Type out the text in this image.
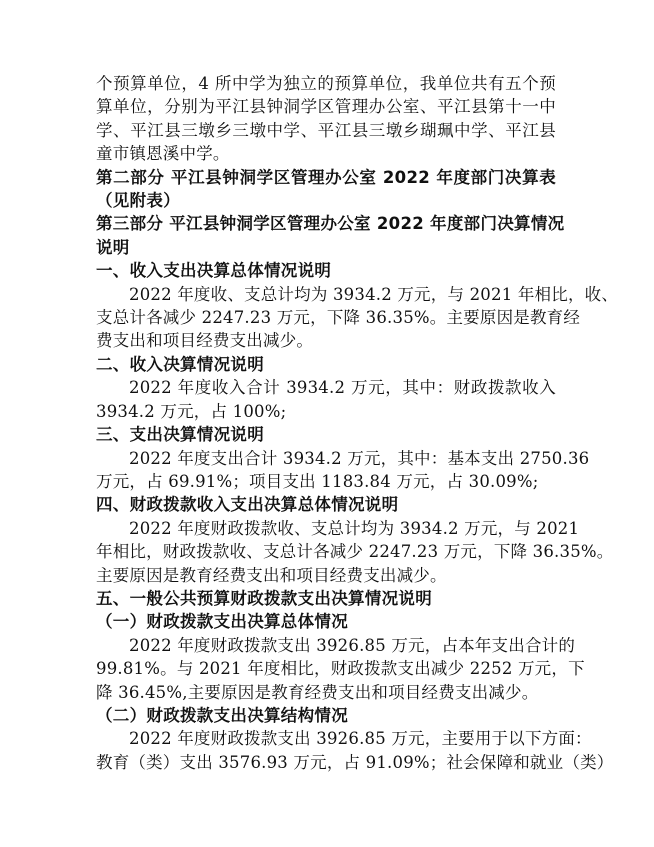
个预算单位，4 所中学为独立的预算单位，我单位共有五个预
算单位，分别为平江县钟洞学区管理办公室、平江县第十一中
学、平江县三墩乡三墩中学、平江县三墩乡瑚珮中学、平江县
童市镇恩溪中学。
第二部分 平江县钟洞学区管理办公室 2022 年度部门决算表
（见附表）
第三部分 平江县钟洞学区管理办公室 2022 年度部门决算情况
说明
一、收入支出决算总体情况说明
2022 年度收、支总计均为 3934.2 万元，与 2021 年相比，收、
支总计各减少 2247.23 万元，下降 36.35%。主要原因是教育经
费支出和项目经费支出减少。
二、收入决算情况说明
2022 年度收入合计 3934.2 万元，其中：财政拨款收入
3934.2 万元，占 100%;
三、支出决算情况说明
2022 年度支出合计 3934.2 万元，其中：基本支出 2750.36
万元，占 69.91%；项目支出 1183.84 万元，占 30.09%;
四、财政拨款收入支出决算总体情况说明
2022 年度财政拨款收、支总计均为 3934.2 万元，与 2021
年相比，财政拨款收、支总计各减少 2247.23 万元，下降 36.35%。
主要原因是教育经费支出和项目经费支出减少。
五、一般公共预算财政拨款支出决算情况说明
（一）财政拨款支出决算总体情况
2022 年度财政拨款支出 3926.85 万元，占本年支出合计的
99.81%。与 2021 年度相比，财政拨款支出减少 2252 万元，下
降 36.45%,主要原因是教育经费支出和项目经费支出减少。
（二）财政拨款支出决算结构情况
2022 年度财政拨款支出 3926.85 万元，主要用于以下方面：
教育（类）支出 3576.93 万元，占 91.09%；社会保障和就业（类）
